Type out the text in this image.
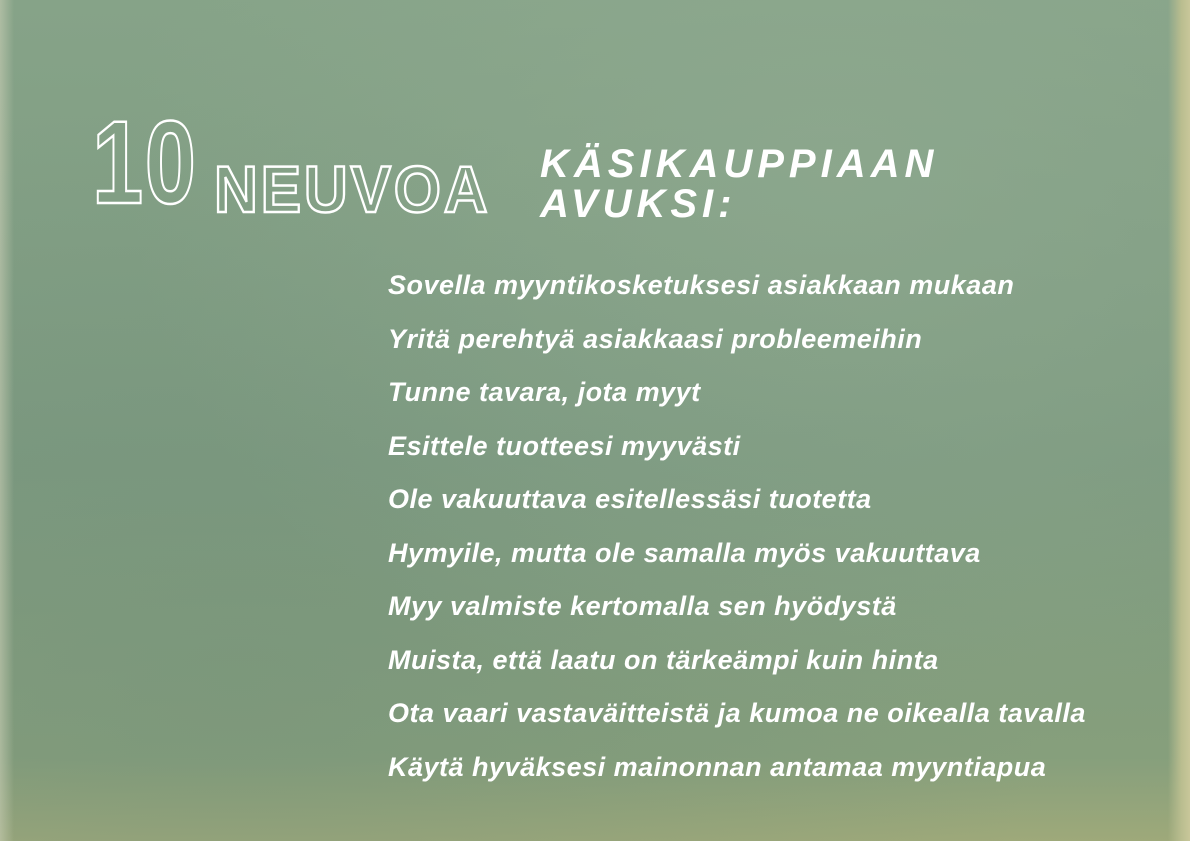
10 NEUVOA KÄSIKAUPPIAAN AVUKSI:
Sovella myyntikosketuksesi asiakkaan mukaan
Yritä perehtyä asiakkaasi probleemeihin
Tunne tavara, jota myyt
Esittele tuotteesi myyvästi
Ole vakuuttava esitellessäsi tuotetta
Hymyile, mutta ole samalla myös vakuuttava
Myy valmiste kertomalla sen hyödystä
Muista, että laatu on tärkeämpi kuin hinta
Ota vaari vastaväitteistä ja kumoa ne oikealla tavalla
Käytä hyväksesi mainonnan antamaa myyntiapua
